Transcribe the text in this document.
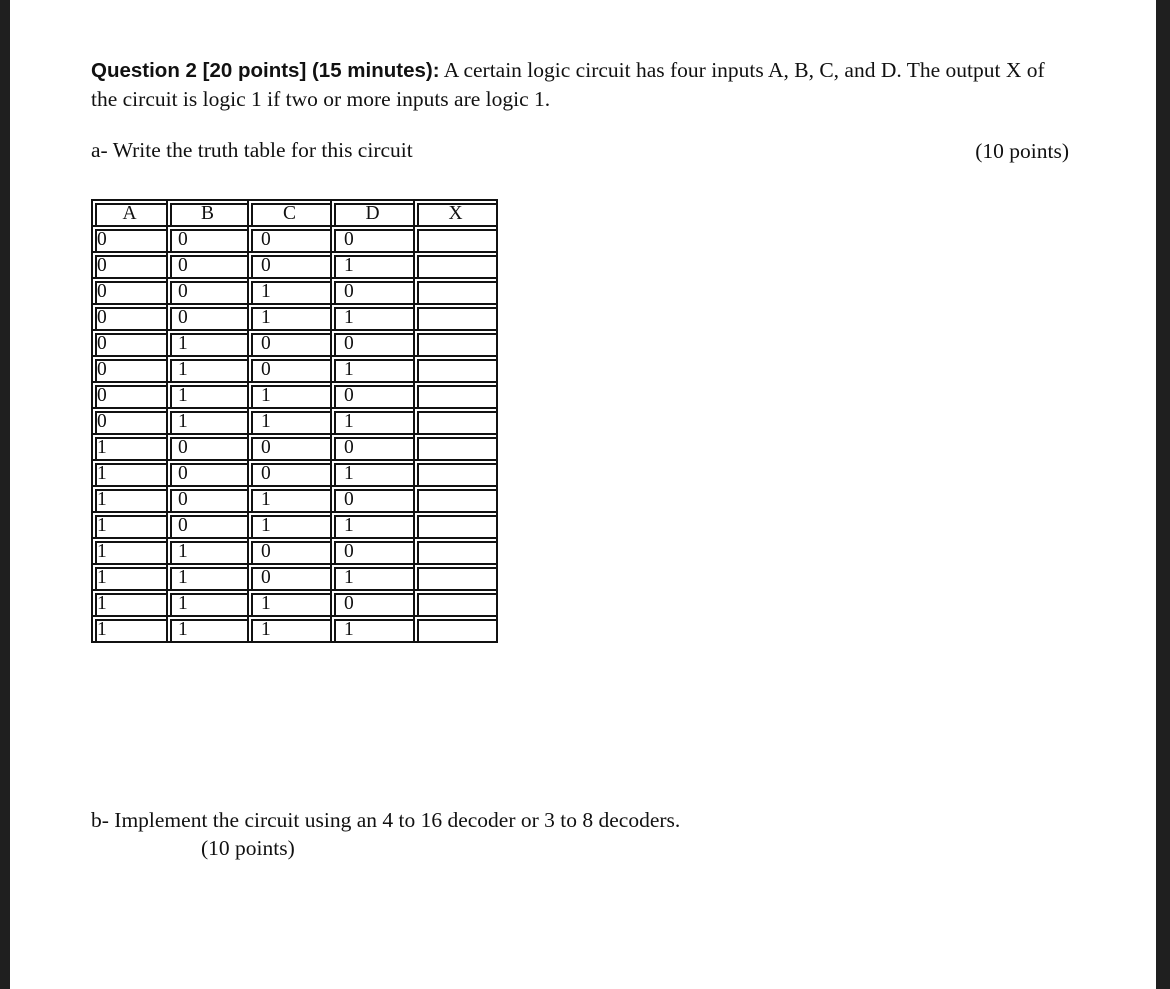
Question 2 [20 points] (15 minutes): A certain logic circuit has four inputs A, B, C, and D. The output X of the circuit is logic 1 if two or more inputs are logic 1.
a- Write the truth table for this circuit	(10 points)
A	B	C	D	X
0	0	0	0	
0	0	0	1	
0	0	1	0	
0	0	1	1	
0	1	0	0	
0	1	0	1	
0	1	1	0	
0	1	1	1	
1	0	0	0	
1	0	0	1	
1	0	1	0	
1	0	1	1	
1	1	0	0	
1	1	0	1	
1	1	1	0	
1	1	1	1	
b- Implement the circuit using an 4 to 16 decoder or 3 to 8 decoders.
(10 points)
